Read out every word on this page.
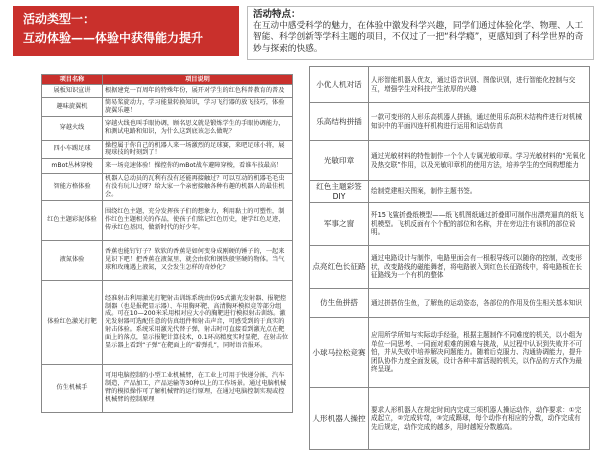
活动类型一：
互动体验——体验中获得能力提升
活动特点：
在互动中感受科学的魅力，在体验中激发科学兴趣，同学们通过体验化学、物理、人工智能、科学创新等学科主题的项目，不仅过了一把“科学瘾”，更感知到了科学世界的奇妙与探索的快感。
项目名称	项目说明
展板知识宣讲	根据建党一百周年的特殊年份，展开对学生的红色科普教育的普及
趣味旋翼机	简易桨旋动力，学习能量转换知识，学习飞行器的放飞技巧，体验旋翼乐趣！
穿越火线	穿越火线也叫手眼协调，顾名思义就是锻炼学生的手眼协调能力，和测试电路和知识，为什么这到底该怎么做呢？
四小车踢足球	操控属于你自己的机器人来一场激烈的足球赛，来吧足球小将，展现球技的时刻到了！
mBot丛林穿梭	来一场竞速体验！操控你的mBot战车避障穿梭，看谁车技最高！
智能方格体验	机器人总动员的瓦利有没有还能再接触过？可以互动的机器毛毛虫有没有玩儿过呀？给大家一个亲密接触各种有趣的机器人的最佳机会。
红色主题彩泥体验	围绕红色主题，充分发挥孩子们的想象力，利用黏土的可塑性，制作红色主题相关的作品，使孩子们铭记红色历史，建学红色足迹，传承红色基因，做新时代的好少年。
液氮体验	香蕉也能钉钉子？软软的香蕉是如何变身成刚硬的锤子的，一起来见识下吧！把香蕉在液氮里，就会由软和钢铁般坚硬的物体。当气球和玫瑰遇上液氮，又会发生怎样的奇妙化？
体验红色激光打靶	经准射击利用激光打靶射击训练系统由仿95式激光发射器、报靶控制器（也是报靶显示器）、车用胸环靶、高清胸环模拟竞等部分组成。可在10—200米采用相对应大小的胸靶进行模拟射击训练。激光发射器可选配任意的仿真组件和射击声音，可感受到的于真实的射击体验。系统采用激光代替子弹，射击时可直接看到激光点在靶面上的落点，显示报靶计算技术，0.1环高精度实时显靶，在射击位显示器上看到“子弹”在靶面上的“着弹孔”，同时语音报环。
仿生机械手	可用电脑控制的小型工业机械臂，在工业上可用于快递分拣，汽车制造，产品加工，产品运输等30种以上的工作场景。通过电脑机械臂的模拟操作可了解机械臂的运行原理，在通过电脑控制实现或控机械臂的控制原理
小优人机对话	人形智能机器人优友，通过语音识别、图像识别，进行智能化控制与交互，增强学生对科技产生浓厚的兴趣
乐高结构拼插	一款可变形的人形乐高机器人拼插，通过使用乐高积木结构件进行对机械知识中的平面四连杆机构进行运用和运动仿真
光敏印章	通过光敏材料的特性制作一个个人专属光敏印章。学习光敏材料的“光氧化及热交联”作用，以及光敏印章机的使用方法，培养学生的空间构想能力
红色主题彩签DIY	绘制党建相关图案，制作主题书签。
军事之窗	歼15飞鲨折叠纸模型——纸飞机图纸通过折叠即可制作出漂亮逼真的纸飞机模型。飞机反面有个个配的部位和名称，并在旁边注有该机的部位说明。
点亮红色长征路	通过电路设计与制作，电路里面会有一根根导线可以随你的控制，改变形状，改变路线的磁能舞者，将电路嵌入到红色长征路线中，将电路板在长征路线为一个有机的整体
仿生鱼拼搭	通过拼搭仿生鱼，了解鱼的运动姿态，各部位的作用及仿生相关基本知识
小球马拉松竞赛	应用所学所知与实际动手经验，根据主题制作不同难度的机关，以小组为单位一同思考、一同面对艰难的困难与挑战，从过程中认识到失败并不可怕，并从失败中培养解决问题能力。随着后克服力、沟通协调能力，提升团队协作力度全面发展，设计各种丰富活现的机关，以作品的方式作为最终呈现。
人形机器人操控	要求人形机器人在规定时间内完成三项机器人操运动作，动作要求：①完成起立，②完成转弯，③完成踢球，每个动作有相应的分数，动作完成有先后规定，动作完成的越多，用时越短分数越高。
